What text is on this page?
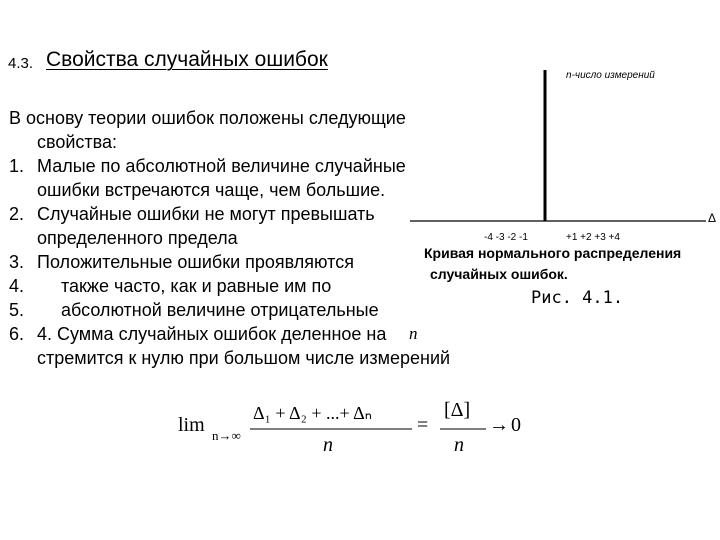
4.3. Свойства случайных ошибок
В основу теории ошибок положены следующие
свойства:
1. Малые по абсолютной величине случайные
ошибки встречаются чаще, чем большие.
2. Случайные ошибки не могут превышать
определенного предела
3. Положительные ошибки проявляются
4. также часто, как и равные им по
5. абсолютной величине отрицательные
6. 4. Сумма случайных ошибок деленное на n
стремится к нулю при большом числе измерений
n-число измерений
Δ
-4 -3 -2 -1	+1 +2 +3 +4
Кривая нормального распределения
случайных ошибок.
Рис. 4.1.
lim n→∞
Δ₁ + Δ₂ + ...+ Δₙ
n
=
[Δ]
n
→ 0
